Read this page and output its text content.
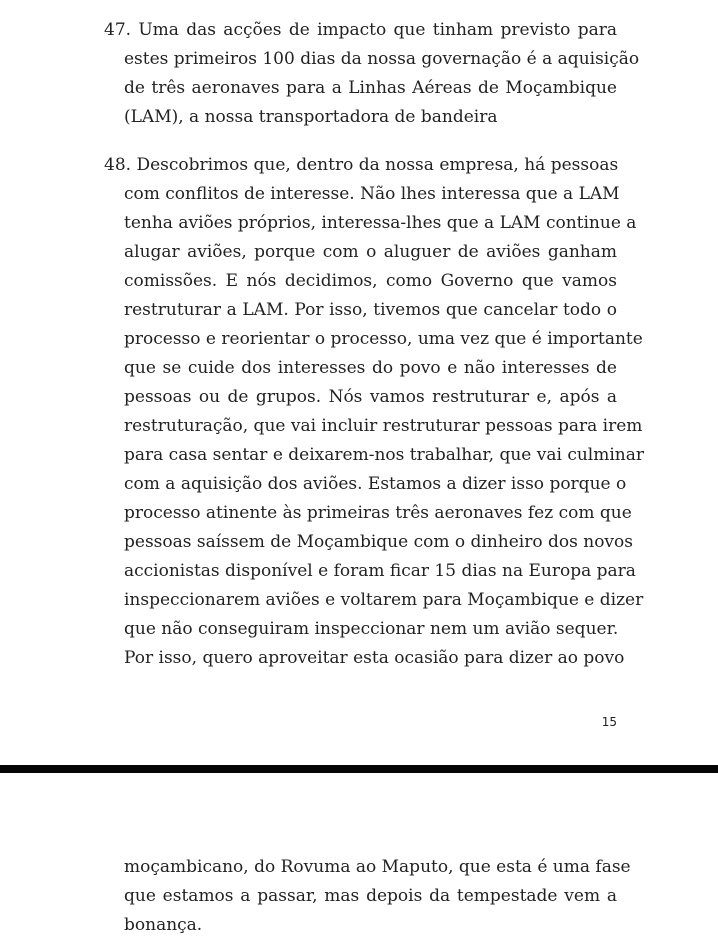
47. Uma das acções de impacto que tinham previsto para
estes primeiros 100 dias da nossa governação é a aquisição
de três aeronaves para a Linhas Aéreas de Moçambique
(LAM), a nossa transportadora de bandeira
48. Descobrimos que, dentro da nossa empresa, há pessoas
com conflitos de interesse. Não lhes interessa que a LAM
tenha aviões próprios, interessa-lhes que a LAM continue a
alugar aviões, porque com o aluguer de aviões ganham
comissões. E nós decidimos, como Governo que vamos
restruturar a LAM. Por isso, tivemos que cancelar todo o
processo e reorientar o processo, uma vez que é importante
que se cuide dos interesses do povo e não interesses de
pessoas ou de grupos. Nós vamos restruturar e, após a
restruturação, que vai incluir restruturar pessoas para irem
para casa sentar e deixarem-nos trabalhar, que vai culminar
com a aquisição dos aviões. Estamos a dizer isso porque o
processo atinente às primeiras três aeronaves fez com que
pessoas saíssem de Moçambique com o dinheiro dos novos
accionistas disponível e foram ficar 15 dias na Europa para
inspeccionarem aviões e voltarem para Moçambique e dizer
que não conseguiram inspeccionar nem um avião sequer.
Por isso, quero aproveitar esta ocasião para dizer ao povo
15
moçambicano, do Rovuma ao Maputo, que esta é uma fase
que estamos a passar, mas depois da tempestade vem a
bonança.
